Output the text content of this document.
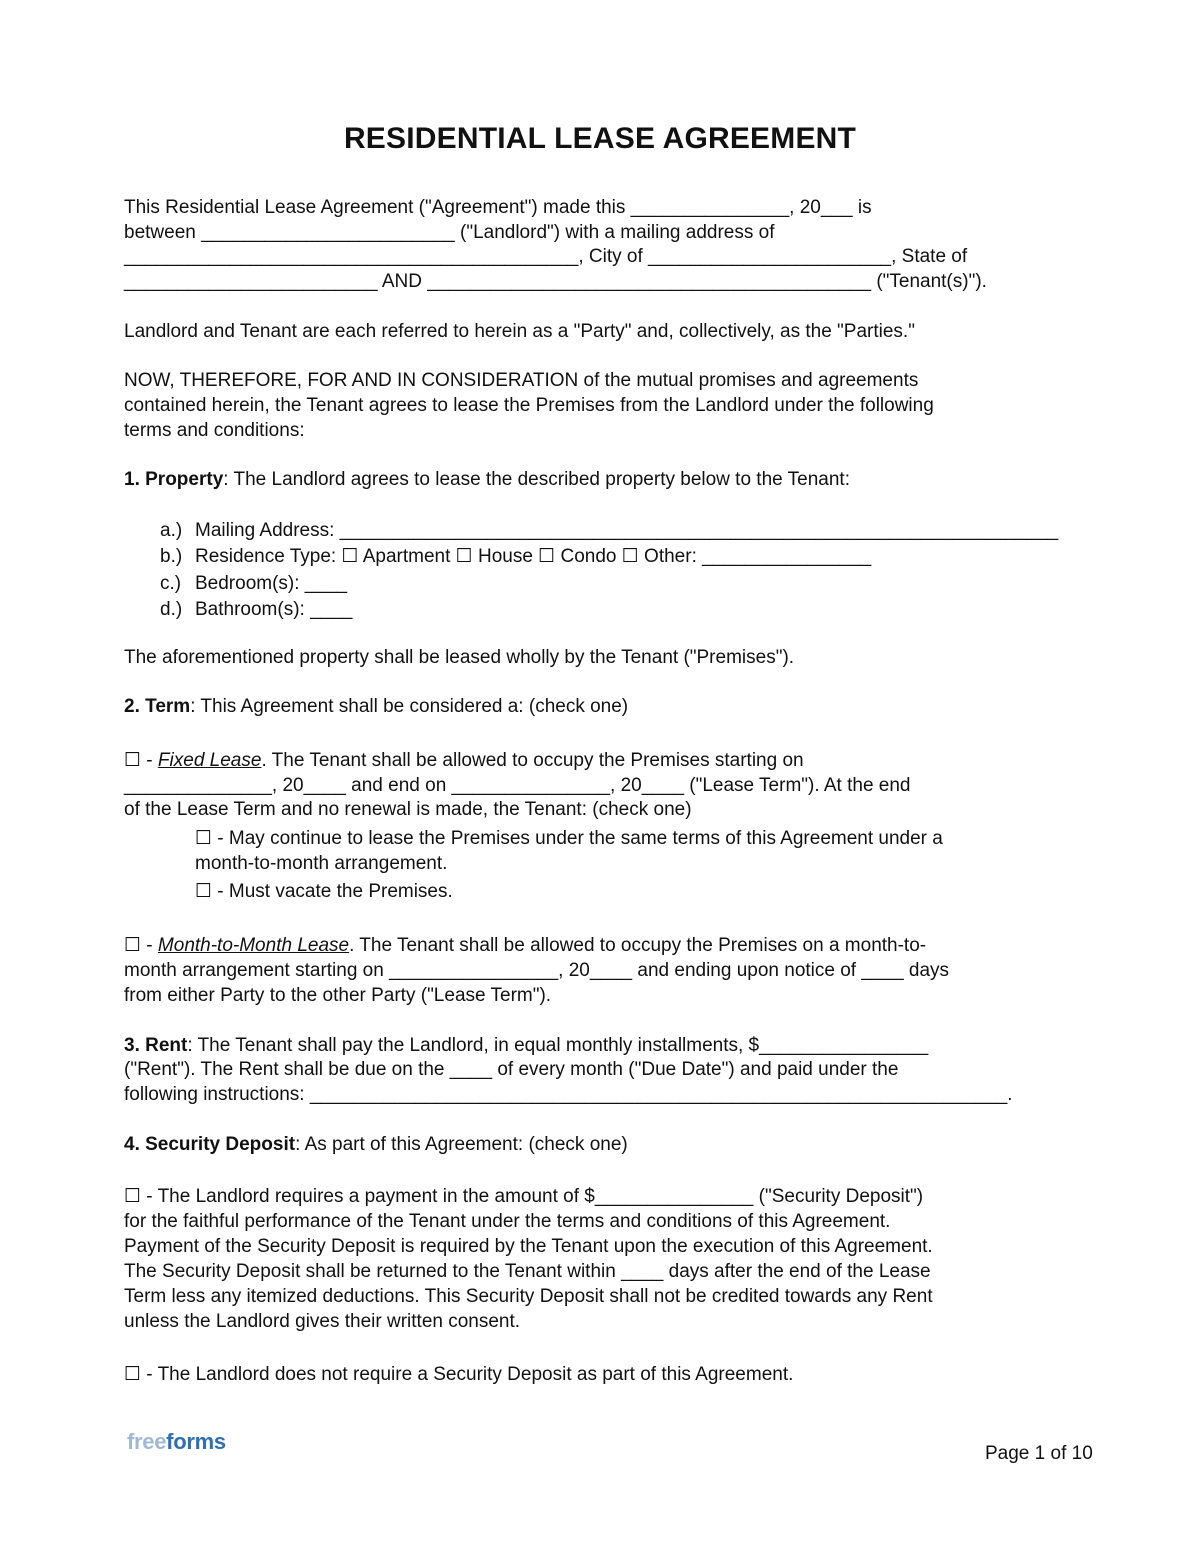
RESIDENTIAL LEASE AGREEMENT

This Residential Lease Agreement ("Agreement") made this _______________, 20___ is

between ________________________ ("Landlord") with a mailing address of

___________________________________________, City of _______________________, State of

________________________ AND __________________________________________ ("Tenant(s)").

Landlord and Tenant are each referred to herein as a "Party" and, collectively, as the "Parties."

NOW, THEREFORE, FOR AND IN CONSIDERATION of the mutual promises and agreements

contained herein, the Tenant agrees to lease the Premises from the Landlord under the following

terms and conditions:

1. Property: The Landlord agrees to lease the described property below to the Tenant:

a.) Mailing Address: ____________________________________________________________________

b.) Residence Type: ☐ Apartment ☐ House ☐ Condo ☐ Other: ________________

c.) Bedroom(s): ____

d.) Bathroom(s): ____

The aforementioned property shall be leased wholly by the Tenant ("Premises").

2. Term: This Agreement shall be considered a: (check one)

☐ - Fixed Lease. The Tenant shall be allowed to occupy the Premises starting on

______________, 20____ and end on _______________, 20____ ("Lease Term"). At the end

of the Lease Term and no renewal is made, the Tenant: (check one)

☐ - May continue to lease the Premises under the same terms of this Agreement under a

month-to-month arrangement.

☐ - Must vacate the Premises.

☐ - Month-to-Month Lease. The Tenant shall be allowed to occupy the Premises on a month-to-

month arrangement starting on ________________, 20____ and ending upon notice of ____ days

from either Party to the other Party ("Lease Term").

3. Rent: The Tenant shall pay the Landlord, in equal monthly installments, $________________

("Rent"). The Rent shall be due on the ____ of every month ("Due Date") and paid under the

following instructions: __________________________________________________________________.

4. Security Deposit: As part of this Agreement: (check one)

☐ - The Landlord requires a payment in the amount of $_______________ ("Security Deposit")

for the faithful performance of the Tenant under the terms and conditions of this Agreement.

Payment of the Security Deposit is required by the Tenant upon the execution of this Agreement.

The Security Deposit shall be returned to the Tenant within ____ days after the end of the Lease

Term less any itemized deductions. This Security Deposit shall not be credited towards any Rent

unless the Landlord gives their written consent.

☐ - The Landlord does not require a Security Deposit as part of this Agreement.

freeforms	Page 1 of 10
